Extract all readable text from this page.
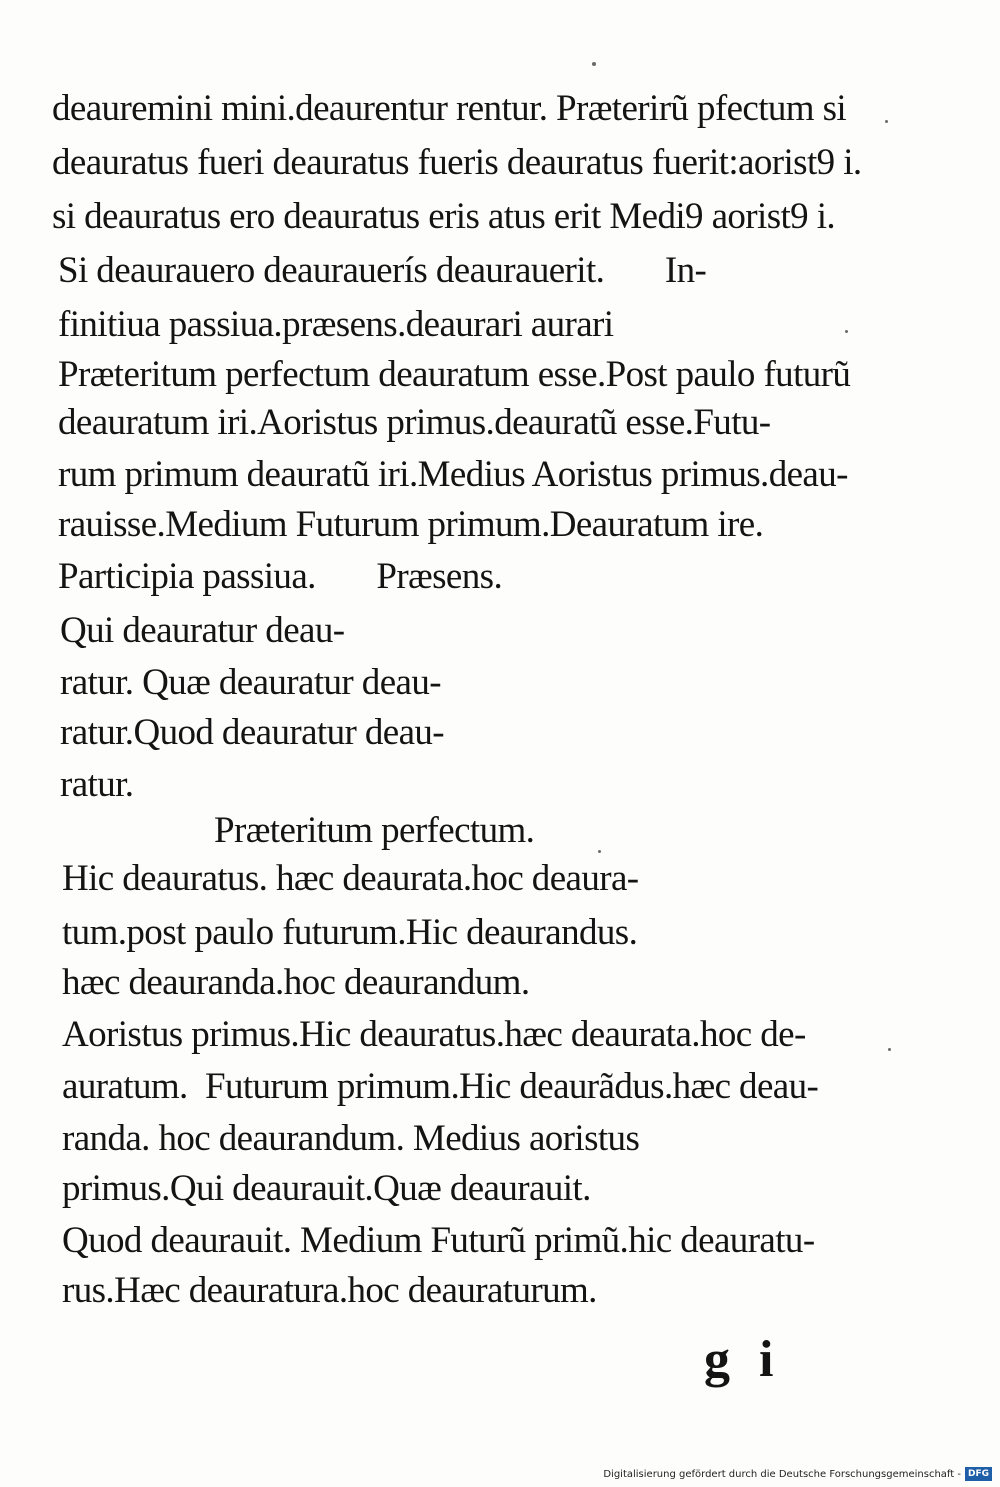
deauremini mini.deaurentur rentur. Præterirũ pfectum si
deauratus fueri deauratus fueris deauratus fuerit:aorist9 i.
si deauratus ero deauratus eris atus erit Medi9 aorist9 i.
Si deaurauero deaurauerís deaurauerit.       In-
finitiua passiua.præsens.deaurari aurari
Præteritum perfectum deauratum esse.Post paulo futurũ
deauratum iri.Aoristus primus.deauratũ esse.Futu-
rum primum deauratũ iri.Medius Aoristus primus.deau-
rauisse.Medium Futurum primum.Deauratum ire.
Participia passiua.       Præsens.
Qui deauratur deau-
ratur. Quæ deauratur deau-
ratur.Quod deauratur deau-
ratur.
Præteritum perfectum.
Hic deauratus. hæc deaurata.hoc deaura-
tum.post paulo futurum.Hic deaurandus.
hæc deauranda.hoc deaurandum.
Aoristus primus.Hic deauratus.hæc deaurata.hoc de-
auratum.  Futurum primum.Hic deaurãdus.hæc deau-
randa. hoc deaurandum. Medius aoristus
primus.Qui deaurauit.Quæ deaurauit.
Quod deaurauit. Medium Futurũ primũ.hic deauratu-
rus.Hæc deauratura.hoc deauraturum.
g i
Digitalisierung gefördert durch die Deutsche Forschungsgemeinschaft - DFG
